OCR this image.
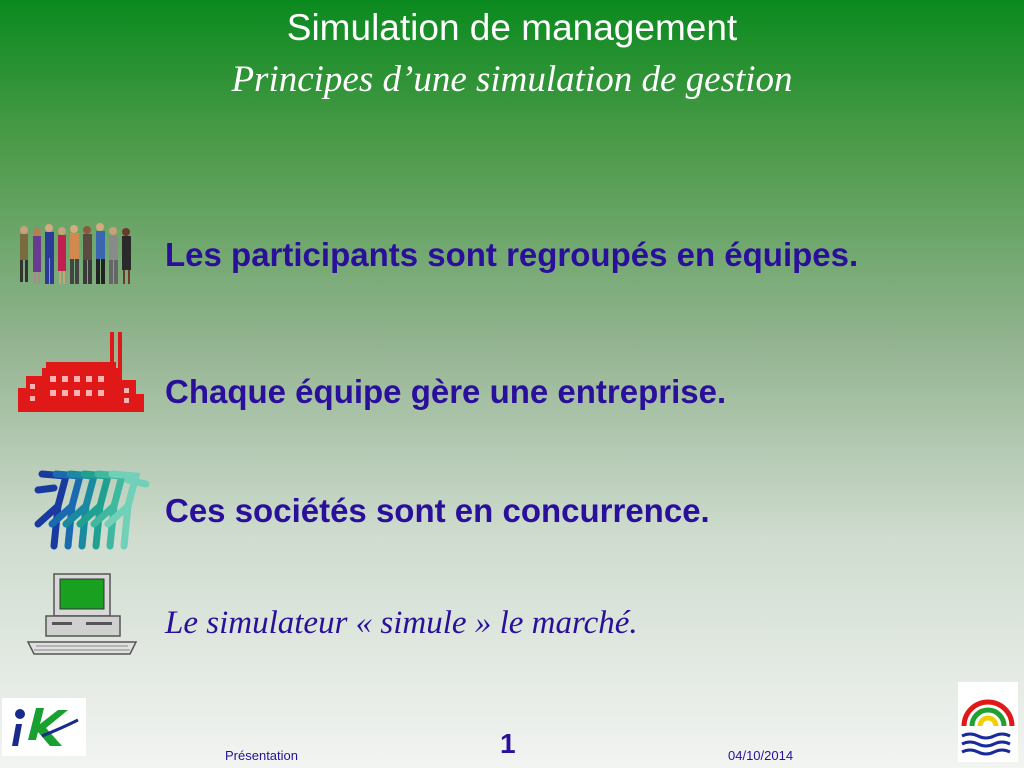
Simulation de management
Principes d’une simulation de gestion
Les participants sont regroupés en équipes.
Chaque équipe gère une entreprise.
Ces sociétés sont en concurrence.
Le simulateur « simule » le marché.
Présentation	1	04/10/2014
